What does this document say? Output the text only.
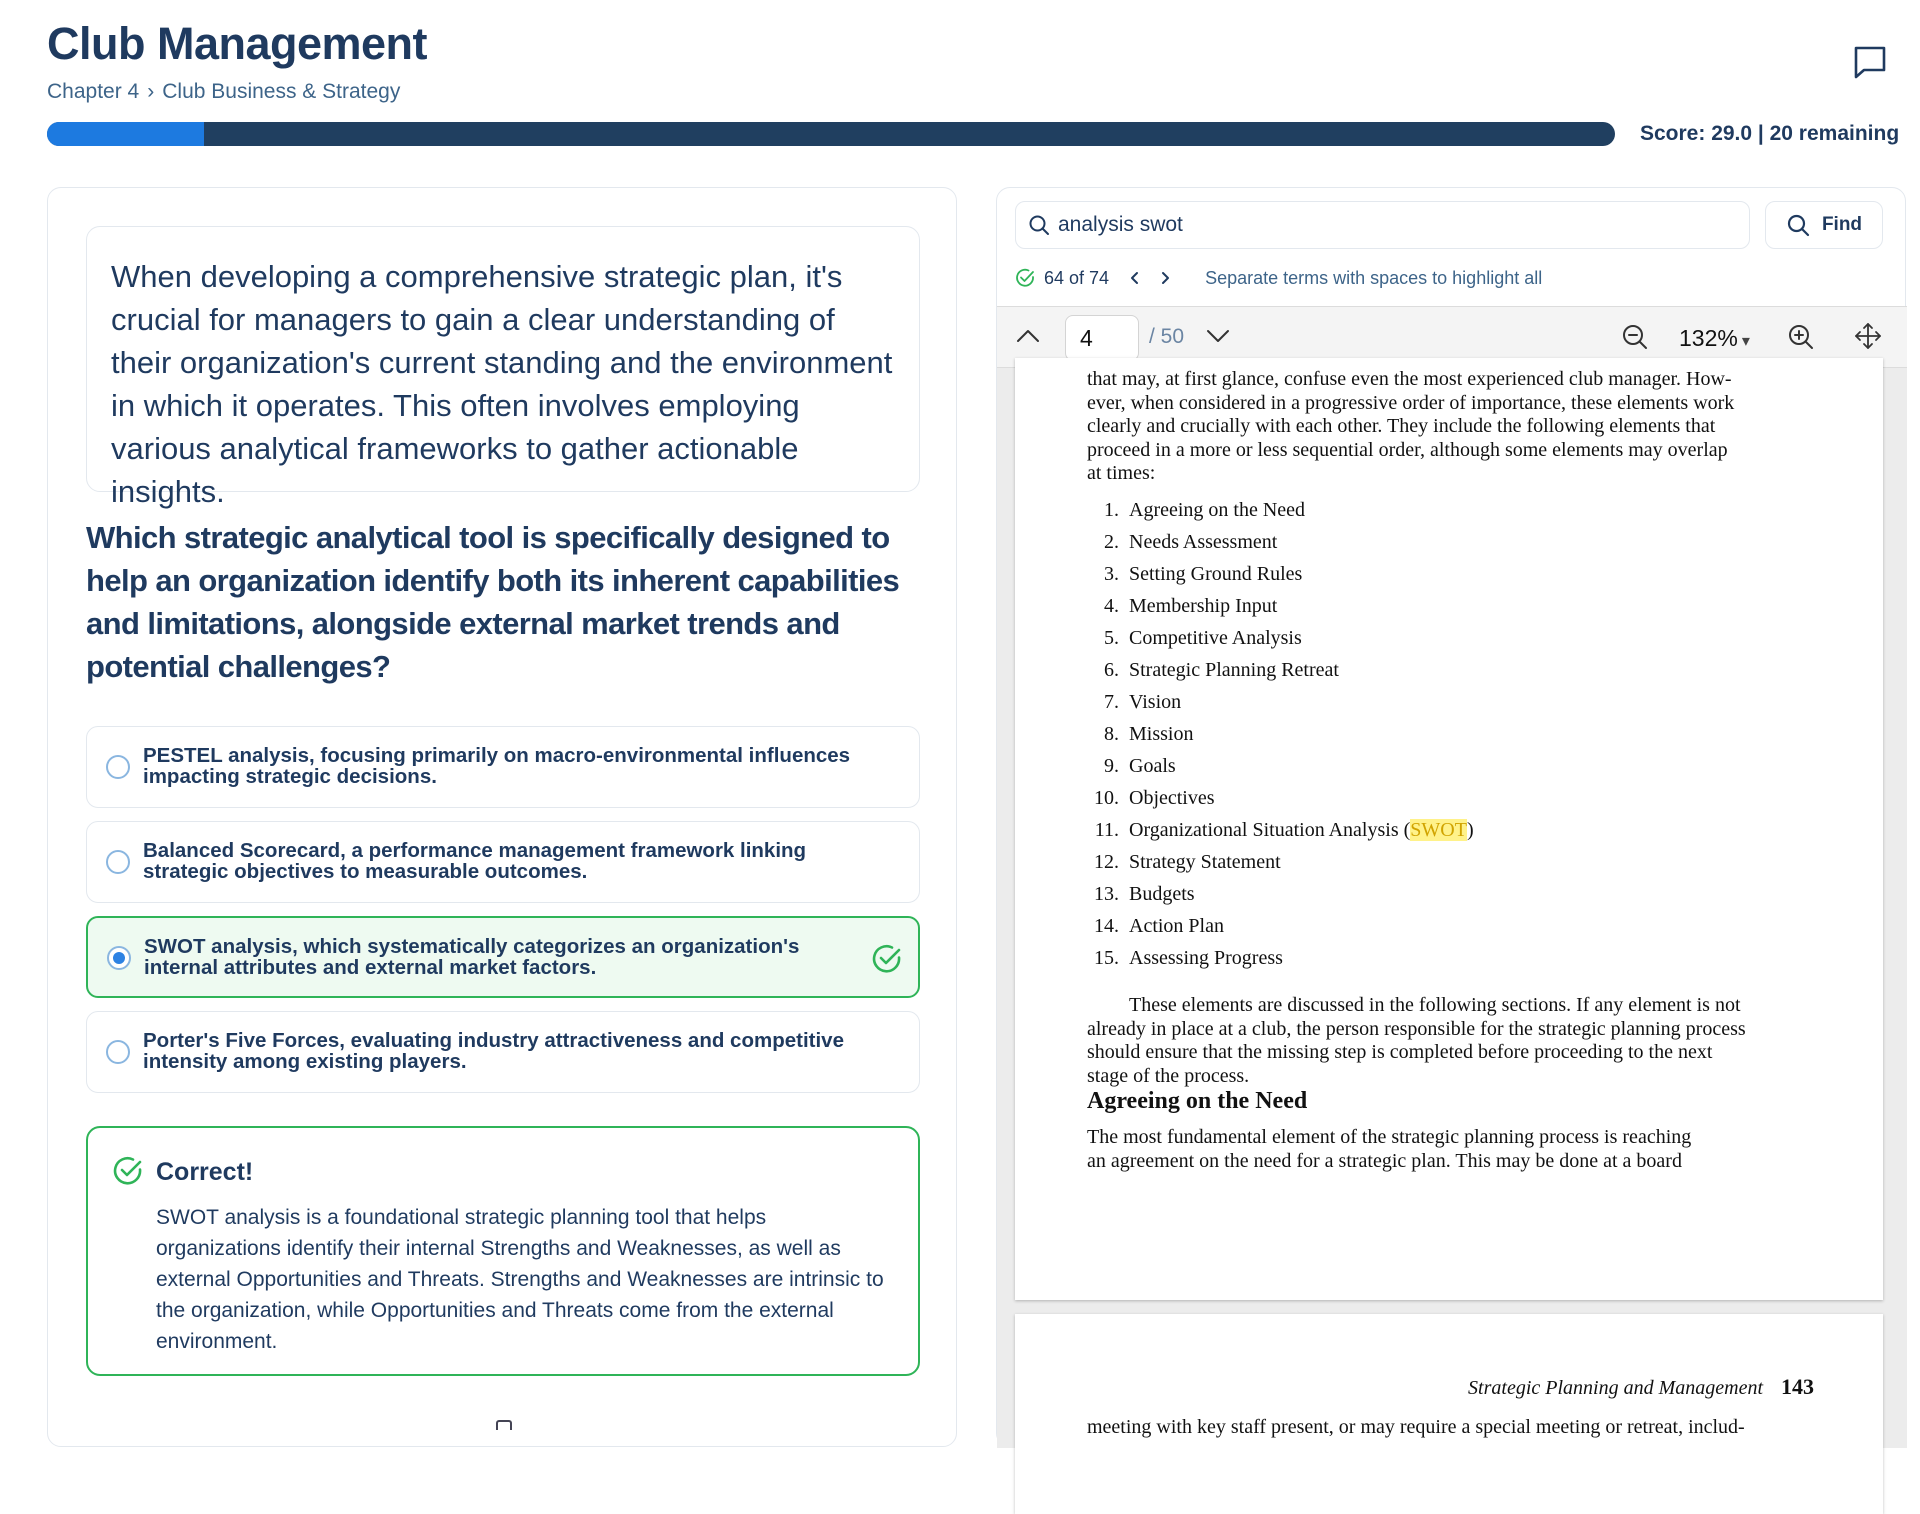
Club Management
Chapter 4 › Club Business & Strategy
Score: 29.0 | 20 remaining
When developing a comprehensive strategic plan, it's crucial for managers to gain a clear understanding of their organization's current standing and the environment in which it operates. This often involves employing various analytical frameworks to gather actionable insights.
Which strategic analytical tool is specifically designed to help an organization identify both its inherent capabilities and limitations, alongside external market trends and potential challenges?
PESTEL analysis, focusing primarily on macro-environmental influences impacting strategic decisions.
Balanced Scorecard, a performance management framework linking strategic objectives to measurable outcomes.
SWOT analysis, which systematically categorizes an organization's internal attributes and external market factors.
Porter's Five Forces, evaluating industry attractiveness and competitive intensity among existing players.
Correct!
SWOT analysis is a foundational strategic planning tool that helps organizations identify their internal Strengths and Weaknesses, as well as external Opportunities and Threats. Strengths and Weaknesses are intrinsic to the organization, while Opportunities and Threats come from the external environment.
analysis swot
Find
64 of 74	Separate terms with spaces to highlight all
4	/ 50	132% ▾
that may, at first glance, confuse even the most experienced club manager. How-
ever, when considered in a progressive order of importance, these elements work
clearly and crucially with each other. They include the following elements that
proceed in a more or less sequential order, although some elements may overlap
at times:
1. Agreeing on the Need
2. Needs Assessment
3. Setting Ground Rules
4. Membership Input
5. Competitive Analysis
6. Strategic Planning Retreat
7. Vision
8. Mission
9. Goals
10. Objectives
11. Organizational Situation Analysis (SWOT)
12. Strategy Statement
13. Budgets
14. Action Plan
15. Assessing Progress
These elements are discussed in the following sections. If any element is not
already in place at a club, the person responsible for the strategic planning process
should ensure that the missing step is completed before proceeding to the next
stage of the process.
Agreeing on the Need
The most fundamental element of the strategic planning process is reaching
an agreement on the need for a strategic plan. This may be done at a board
Strategic Planning and Management 143
meeting with key staff present, or may require a special meeting or retreat, includ-
